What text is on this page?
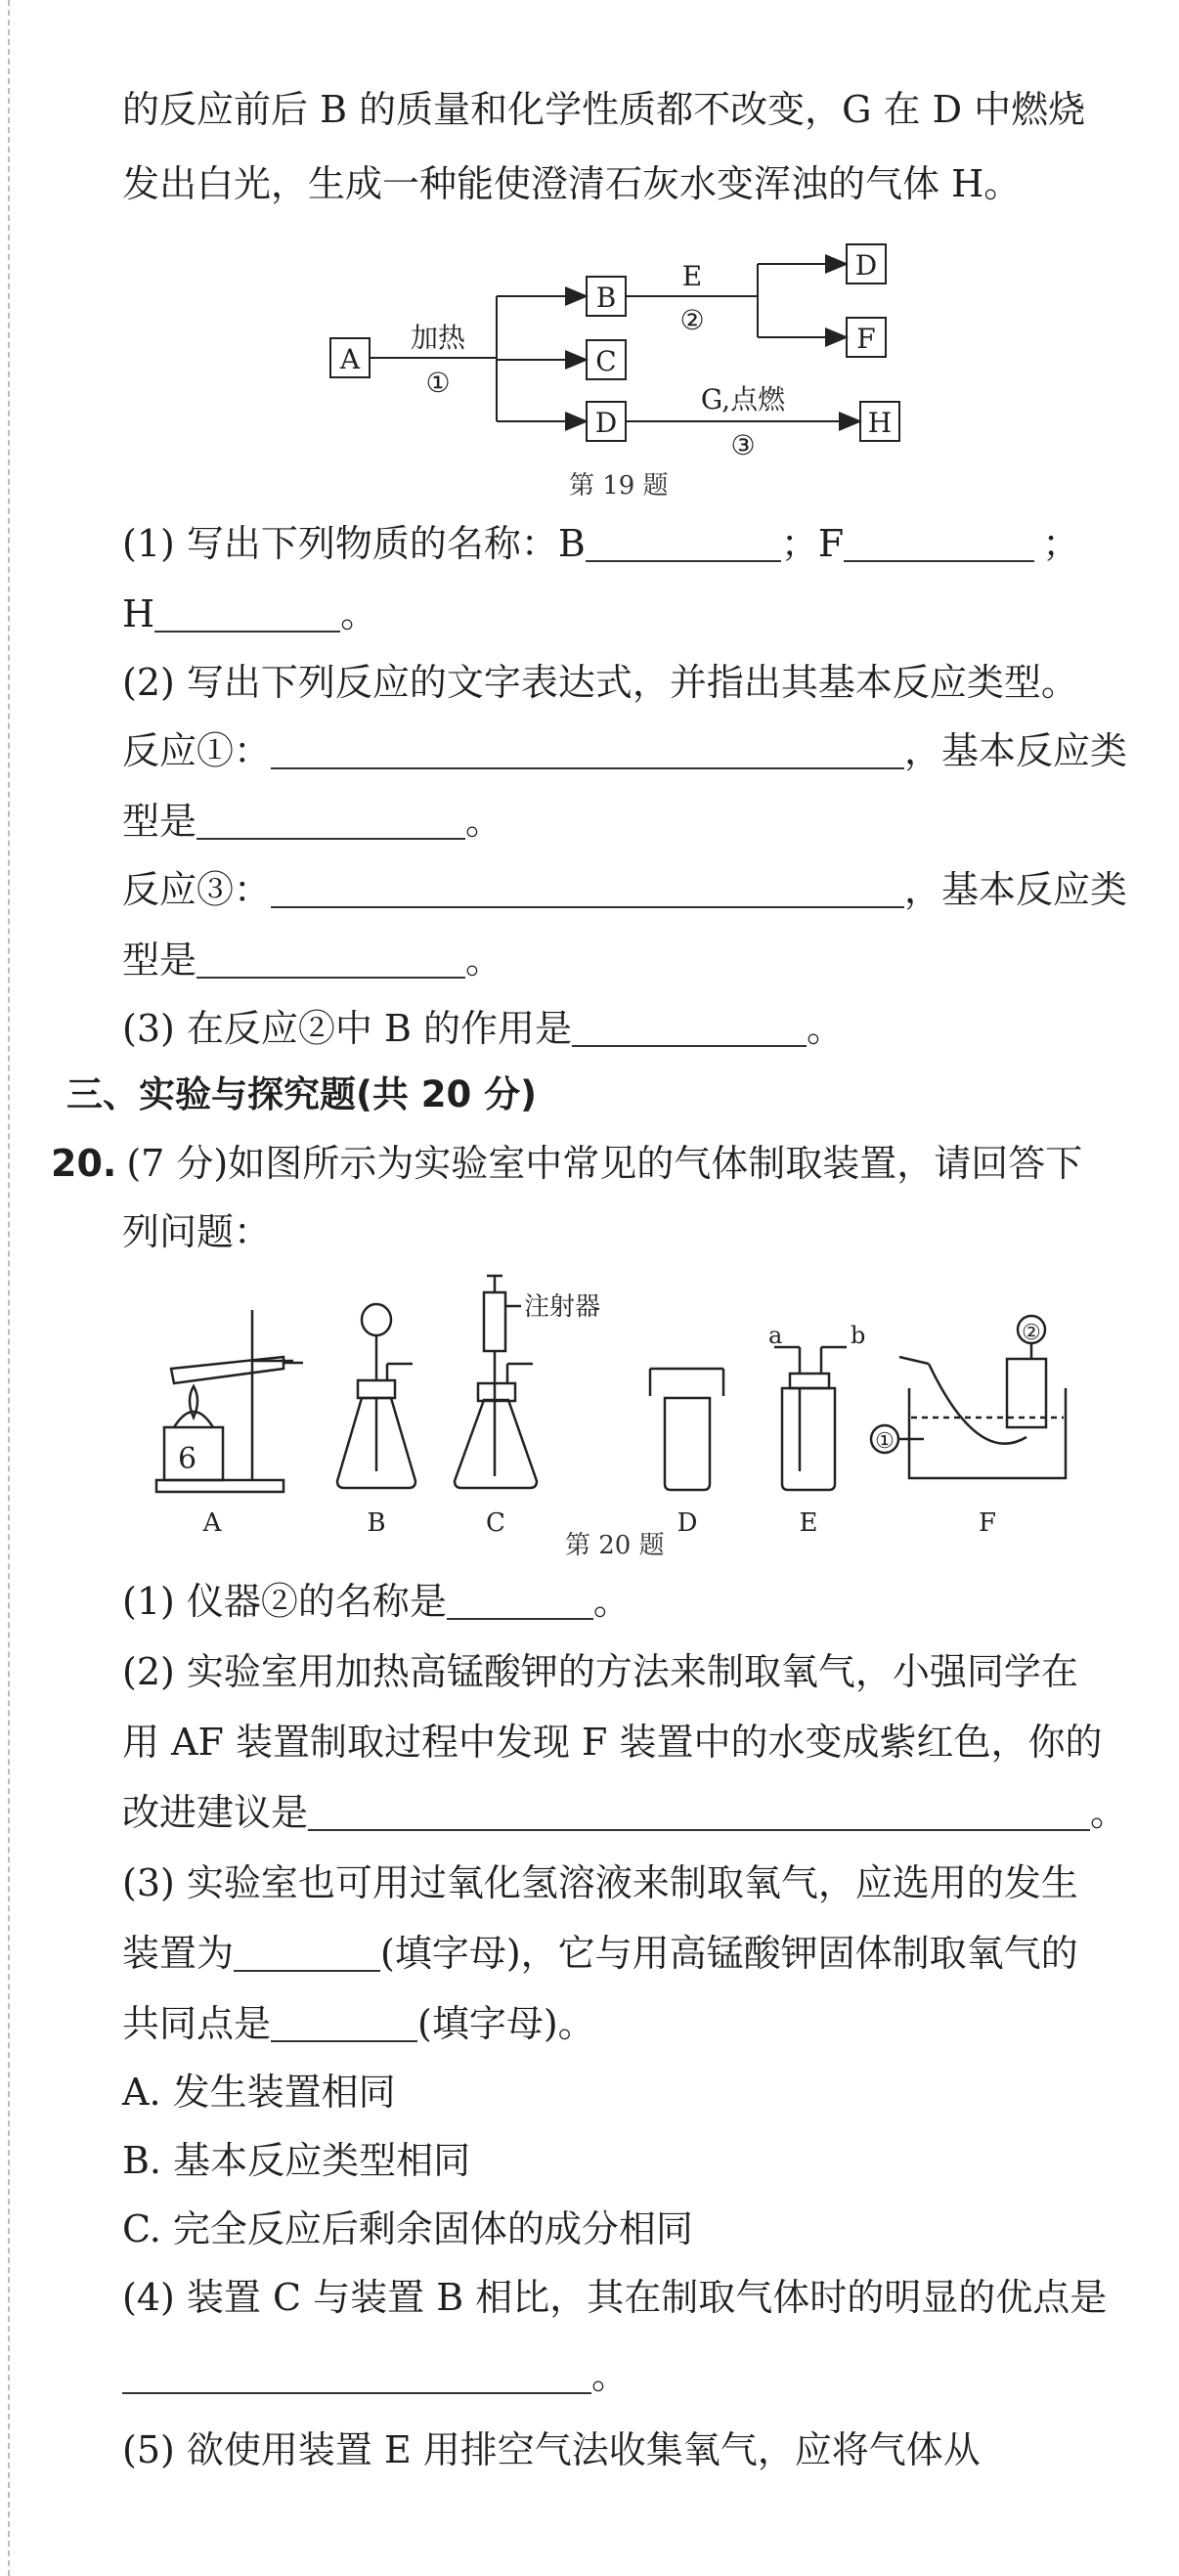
的反应前后 B 的质量和化学性质都不改变，G 在 D 中燃烧
发出白光，生成一种能使澄清石灰水变浑浊的气体 H。
A
B
C
D
D
F
H
加热
①
E
②
G,点燃
③
第 19 题
(1) 写出下列物质的名称：B	；F	；
H	。
(2) 写出下列反应的文字表达式，并指出其基本反应类型。
反应①：	，基本反应类
型是	。
反应③：	，基本反应类
型是	。
(3) 在反应②中 B 的作用是	。
三、实验与探究题(共 20 分)
20. (7 分)如图所示为实验室中常见的气体制取装置，请回答下
列问题：
6
注射器
a	b	②
①
A	B	C	D	E	F
第 20 题
(1) 仪器②的名称是	。
(2) 实验室用加热高锰酸钾的方法来制取氧气，小强同学在
用 AF 装置制取过程中发现 F 装置中的水变成紫红色，你的
改进建议是	。
(3) 实验室也可用过氧化氢溶液来制取氧气，应选用的发生
装置为	(填字母)，它与用高锰酸钾固体制取氧气的
共同点是	(填字母)。
A. 发生装置相同
B. 基本反应类型相同
C. 完全反应后剩余固体的成分相同
(4) 装置 C 与装置 B 相比，其在制取气体时的明显的优点是
。
(5) 欲使用装置 E 用排空气法收集氧气，应将气体从
